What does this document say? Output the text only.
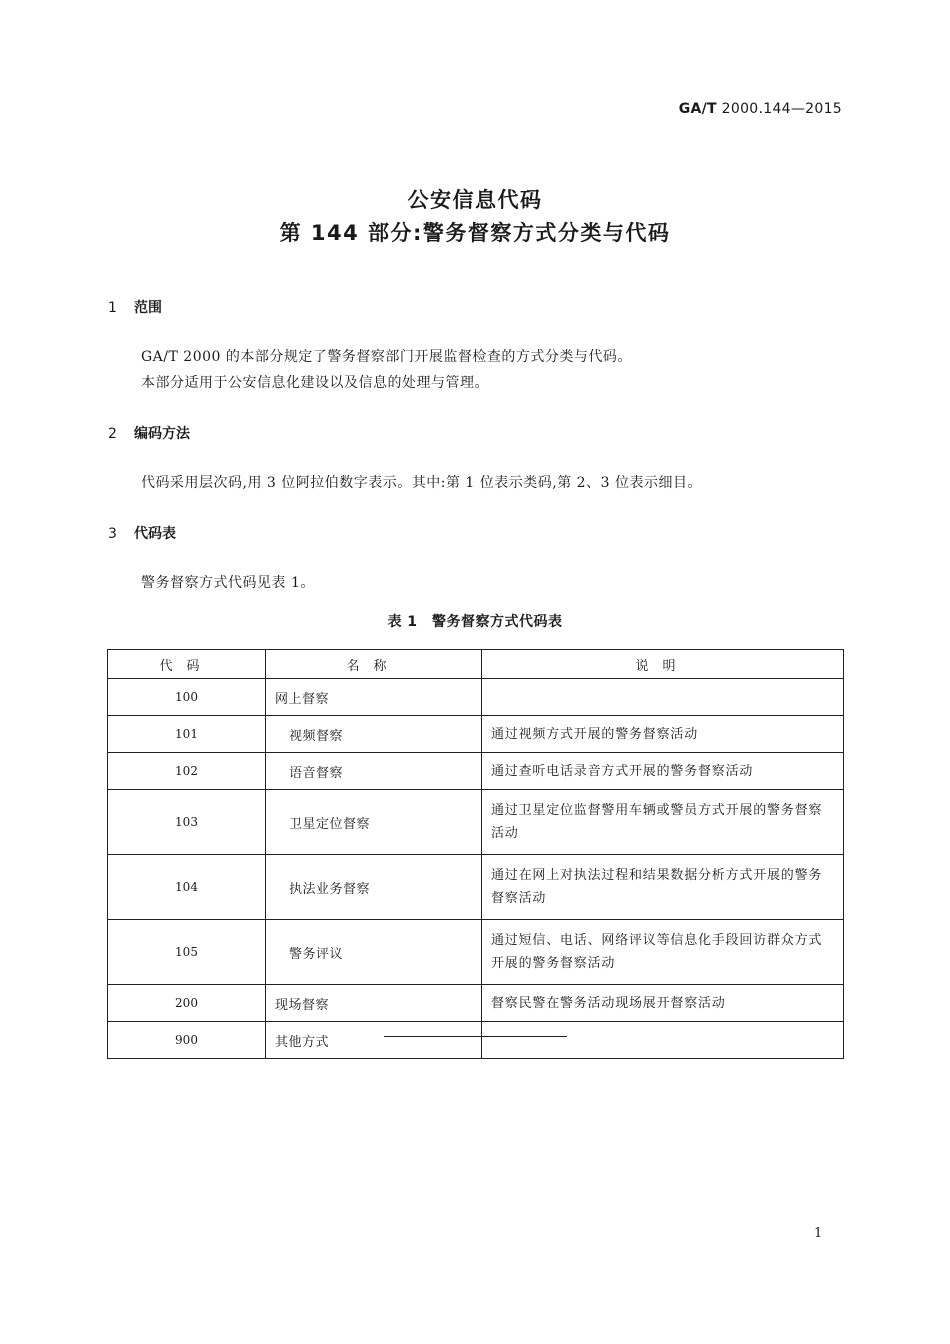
GA/T 2000.144—2015
公安信息代码
第 144 部分:警务督察方式分类与代码
1 范围
GA/T 2000 的本部分规定了警务督察部门开展监督检查的方式分类与代码。
本部分适用于公安信息化建设以及信息的处理与管理。
2 编码方法
代码采用层次码,用 3 位阿拉伯数字表示。其中:第 1 位表示类码,第 2、3 位表示细目。
3 代码表
警务督察方式代码见表 1。
表 1　警务督察方式代码表
代码	名称	说明
100	网上督察	
101	视频督察	通过视频方式开展的警务督察活动
102	语音督察	通过查听电话录音方式开展的警务督察活动
103	卫星定位督察	通过卫星定位监督警用车辆或警员方式开展的警务督察活动
104	执法业务督察	通过在网上对执法过程和结果数据分析方式开展的警务督察活动
105	警务评议	通过短信、电话、网络评议等信息化手段回访群众方式开展的警务督察活动
200	现场督察	督察民警在警务活动现场展开督察活动
900	其他方式	
1
